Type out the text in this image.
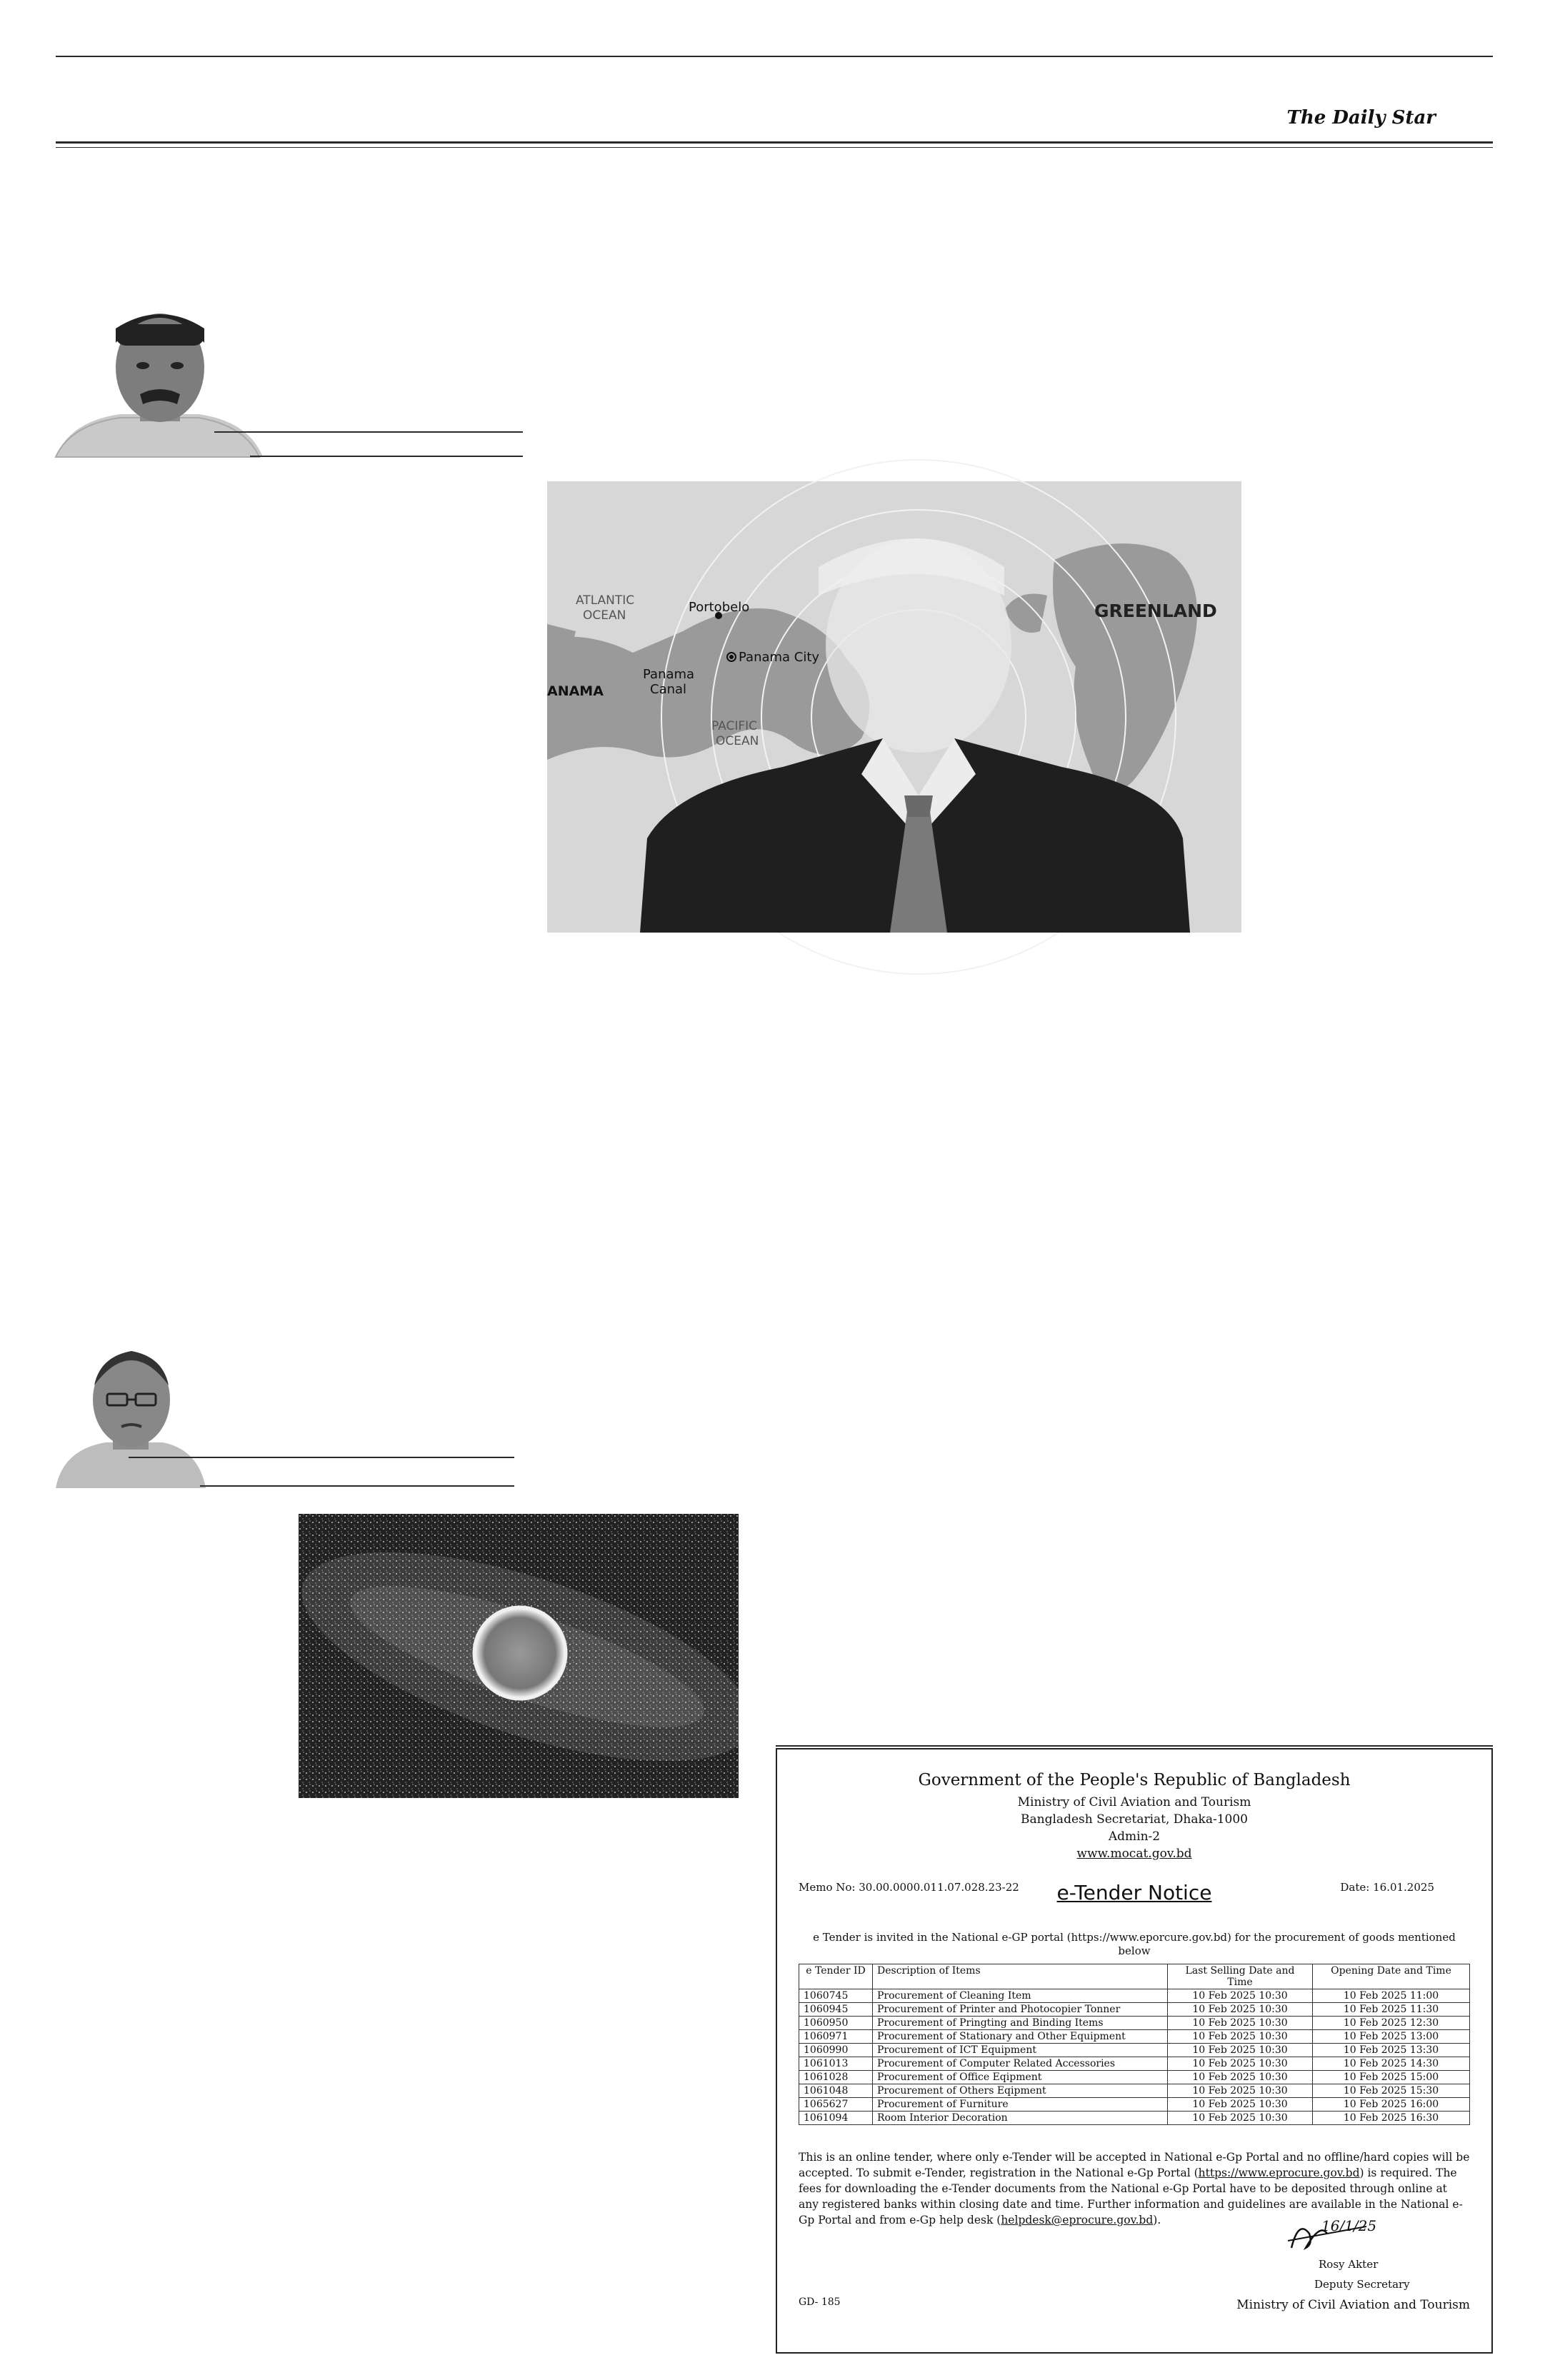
The Daily Star
ATLANTIC
OCEAN
Portobelo
Panama City
Panama
Canal
ANAMA
PACIFIC
OCEAN
GREENLAND
Government of the People's Republic of Bangladesh
Ministry of Civil Aviation and Tourism
Bangladesh Secretariat, Dhaka-1000
Admin-2
www.mocat.gov.bd
Memo No: 30.00.0000.011.07.028.23-22	e-Tender Notice	Date: 16.01.2025
e Tender is invited in the National e-GP portal (https://www.eporcure.gov.bd) for the procurement of goods mentioned below
e Tender ID	Description of Items	Last Selling Date and Time	Opening Date and Time
1060745	Procurement of Cleaning Item	10 Feb 2025 10:30	10 Feb 2025 11:00
1060945	Procurement of Printer and Photocopier Tonner	10 Feb 2025 10:30	10 Feb 2025 11:30
1060950	Procurement of Pringting and Binding Items	10 Feb 2025 10:30	10 Feb 2025 12:30
1060971	Procurement of Stationary and Other Equipment	10 Feb 2025 10:30	10 Feb 2025 13:00
1060990	Procurement of ICT Equipment	10 Feb 2025 10:30	10 Feb 2025 13:30
1061013	Procurement of Computer Related Accessories	10 Feb 2025 10:30	10 Feb 2025 14:30
1061028	Procurement of Office Eqipment	10 Feb 2025 10:30	10 Feb 2025 15:00
1061048	Procurement of Others Eqipment	10 Feb 2025 10:30	10 Feb 2025 15:30
1065627	Procurement of Furniture	10 Feb 2025 10:30	10 Feb 2025 16:00
1061094	Room Interior Decoration	10 Feb 2025 10:30	10 Feb 2025 16:30
This is an online tender, where only e-Tender will be accepted in National e-Gp Portal and no offline/hard copies will be accepted. To submit e-Tender, registration in the National e-Gp Portal (https://www.eprocure.gov.bd) is required. The fees for downloading the e-Tender documents from the National e-Gp Portal have to be deposited through online at any registered banks within closing date and time. Further information and guidelines are available in the National e-Gp Portal and from e-Gp help desk (helpdesk@eprocure.gov.bd).	16/1/25
Rosy Akter
Deputy Secretary
Ministry of Civil Aviation and Tourism
GD- 185
